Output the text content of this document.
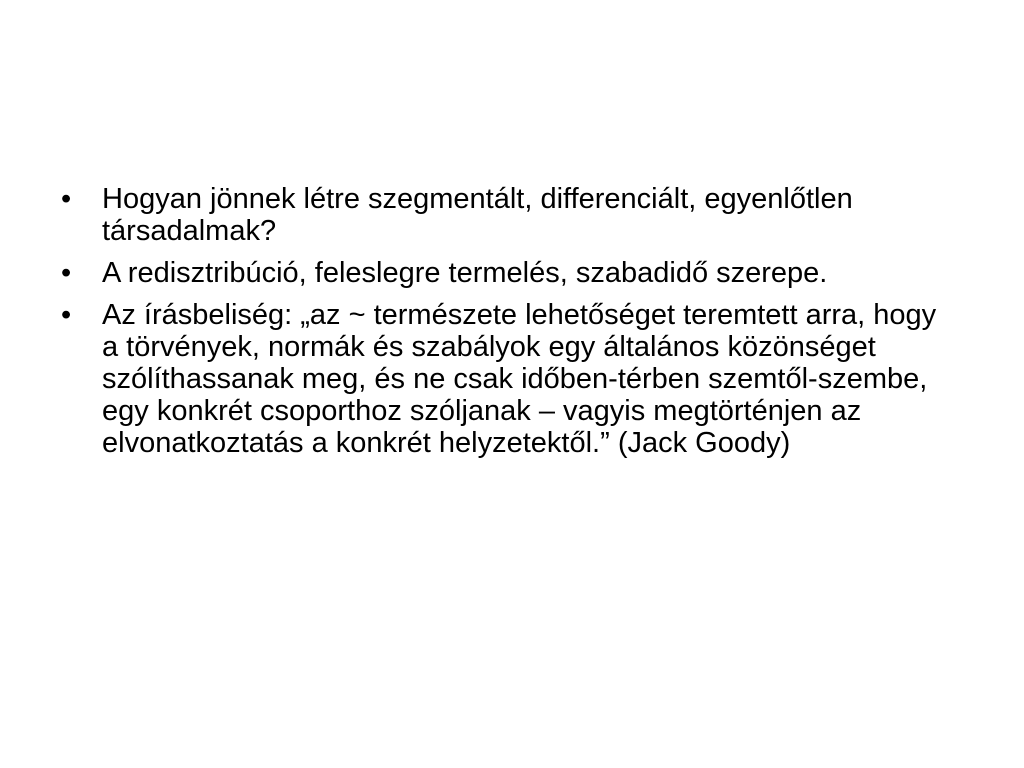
• Hogyan jönnek létre szegmentált, differenciált, egyenlőtlen társadalmak?
• A redisztribúció, feleslegre termelés, szabadidő szerepe.
• Az írásbeliség: „az ~ természete lehetőséget teremtett arra, hogy a törvények, normák és szabályok egy általános közönséget szólíthassanak meg, és ne csak időben-térben szemtől-szembe, egy konkrét csoporthoz szóljanak – vagyis megtörténjen az elvonatkoztatás a konkrét helyzetektől.” (Jack Goody)
